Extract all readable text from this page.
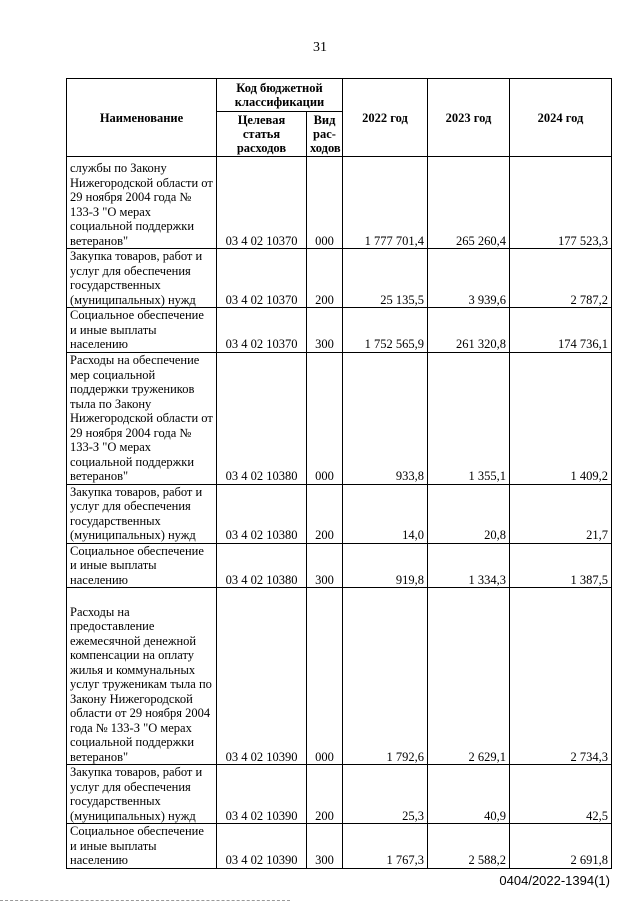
31
Наименование	Код бюджетной классификации		2022 год	2023 год	2024 год
	Целевая статья расходов	Вид рас-ходов			
службы по Закону Нижегородской области от 29 ноября 2004 года № 133-З "О мерах социальной поддержки ветеранов"	03 4 02 10370	000	1 777 701,4	265 260,4	177 523,3
Закупка товаров, работ и услуг для обеспечения государственных (муниципальных) нужд	03 4 02 10370	200	25 135,5	3 939,6	2 787,2
Социальное обеспечение и иные выплаты населению	03 4 02 10370	300	1 752 565,9	261 320,8	174 736,1
Расходы на обеспечение мер социальной поддержки тружеников тыла по Закону Нижегородской области от 29 ноября 2004 года № 133-З "О мерах социальной поддержки ветеранов"	03 4 02 10380	000	933,8	1 355,1	1 409,2
Закупка товаров, работ и услуг для обеспечения государственных (муниципальных) нужд	03 4 02 10380	200	14,0	20,8	21,7
Социальное обеспечение и иные выплаты населению	03 4 02 10380	300	919,8	1 334,3	1 387,5
Расходы на предоставление ежемесячной денежной компенсации на оплату жилья и коммунальных услуг труженикам тыла по Закону Нижегородской области от 29 ноября 2004 года № 133-З "О мерах социальной поддержки ветеранов"	03 4 02 10390	000	1 792,6	2 629,1	2 734,3
Закупка товаров, работ и услуг для обеспечения государственных (муниципальных) нужд	03 4 02 10390	200	25,3	40,9	42,5
Социальное обеспечение и иные выплаты населению	03 4 02 10390	300	1 767,3	2 588,2	2 691,8
0404/2022-1394(1)
